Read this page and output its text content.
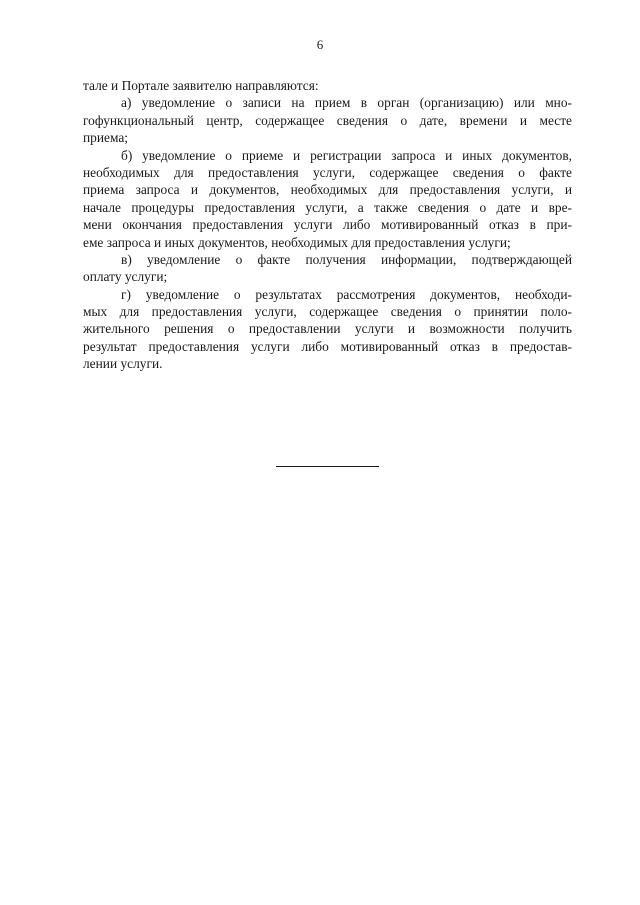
6
тале и Портале заявителю направляются:
а) уведомление о записи на прием в орган (организацию) или мно-
гофункциональный центр, содержащее сведения о дате, времени и месте
приема;
б) уведомление о приеме и регистрации запроса и иных документов,
необходимых для предоставления услуги, содержащее сведения о факте
приема запроса и документов, необходимых для предоставления услуги, и
начале процедуры предоставления услуги, а также сведения о дате и вре-
мени окончания предоставления услуги либо мотивированный отказ в при-
еме запроса и иных документов, необходимых для предоставления услуги;
в) уведомление о факте получения информации, подтверждающей
оплату услуги;
г) уведомление о результатах рассмотрения документов, необходи-
мых для предоставления услуги, содержащее сведения о принятии поло-
жительного решения о предоставлении услуги и возможности получить
результат предоставления услуги либо мотивированный отказ в предостав-
лении услуги.
